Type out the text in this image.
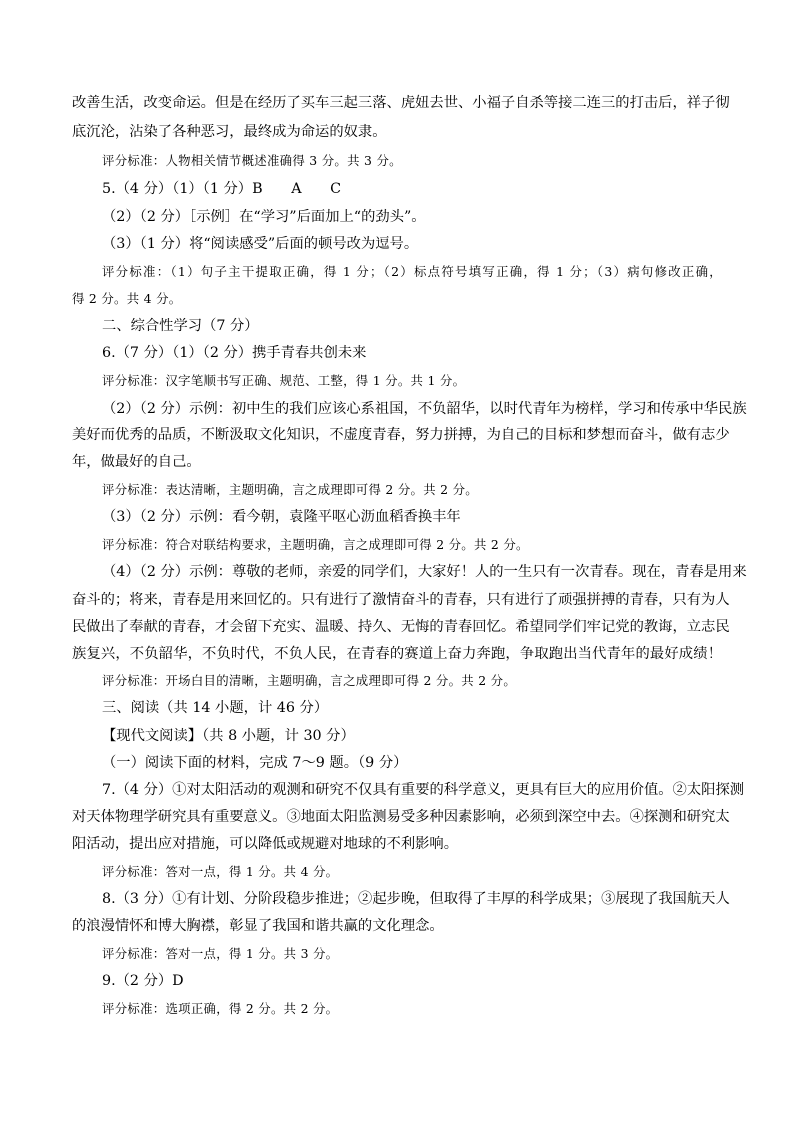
改善生活，改变命运。但是在经历了买车三起三落、虎妞去世、小福子自杀等接二连三的打击后，祥子彻
底沉沦，沾染了各种恶习，最终成为命运的奴隶。
评分标准：人物相关情节概述准确得 3 分。共 3 分。
5.（4 分）（1）（1 分）B　　A　　C
（2）（2 分）［示例］在“学习”后面加上“的劲头”。
（3）（1 分）将“阅读感受”后面的顿号改为逗号。
评分标准：（1）句子主干提取正确，得 1 分；（2）标点符号填写正确，得 1 分；（3）病句修改正确，
得 2 分。共 4 分。
二、综合性学习（7 分）
6.（7 分）（1）（2 分）携手青春共创未来
评分标准：汉字笔顺书写正确、规范、工整，得 1 分。共 1 分。
（2）（2 分）示例：初中生的我们应该心系祖国，不负韶华，以时代青年为榜样，学习和传承中华民族
美好而优秀的品质，不断汲取文化知识，不虚度青春，努力拼搏，为自己的目标和梦想而奋斗，做有志少
年，做最好的自己。
评分标准：表达清晰，主题明确，言之成理即可得 2 分。共 2 分。
（3）（2 分）示例：看今朝，袁隆平呕心沥血稻香换丰年
评分标准：符合对联结构要求，主题明确，言之成理即可得 2 分。共 2 分。
（4）（2 分）示例：尊敬的老师，亲爱的同学们，大家好！人的一生只有一次青春。现在，青春是用来
奋斗的；将来，青春是用来回忆的。只有进行了激情奋斗的青春，只有进行了顽强拼搏的青春，只有为人
民做出了奉献的青春，才会留下充实、温暖、持久、无悔的青春回忆。希望同学们牢记党的教诲，立志民
族复兴，不负韶华，不负时代，不负人民，在青春的赛道上奋力奔跑，争取跑出当代青年的最好成绩！
评分标准：开场白目的清晰，主题明确，言之成理即可得 2 分。共 2 分。
三、阅读（共 14 小题，计 46 分）
【现代文阅读】（共 8 小题，计 30 分）
（一）阅读下面的材料，完成 7～9 题。（9 分）
7.（4 分）①对太阳活动的观测和研究不仅具有重要的科学意义，更具有巨大的应用价值。②太阳探测
对天体物理学研究具有重要意义。③地面太阳监测易受多种因素影响，必须到深空中去。④探测和研究太
阳活动，提出应对措施，可以降低或规避对地球的不利影响。
评分标准：答对一点，得 1 分。共 4 分。
8.（3 分）①有计划、分阶段稳步推进；②起步晚，但取得了丰厚的科学成果；③展现了我国航天人
的浪漫情怀和博大胸襟，彰显了我国和谐共赢的文化理念。
评分标准：答对一点，得 1 分。共 3 分。
9.（2 分）D
评分标准：选项正确，得 2 分。共 2 分。
